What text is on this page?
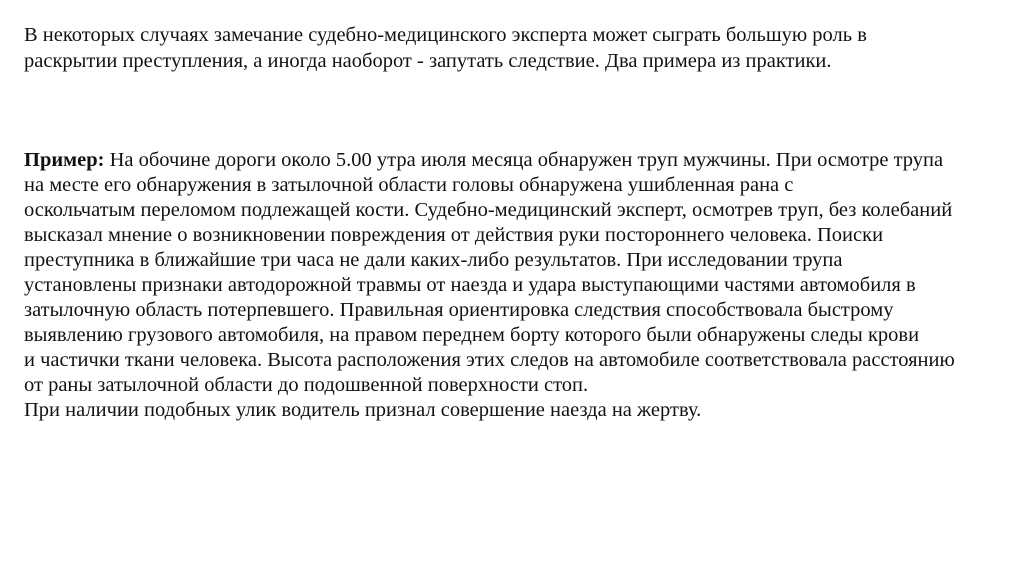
В некоторых случаях замечание судебно-медицинского эксперта может сыграть большую роль в
раскрытии преступления, а иногда наоборот - запутать следствие. Два примера из практики.

Пример: На обочине дороги около 5.00 утра июля месяца обнаружен труп мужчины. При осмотре трупа
на месте его обнаружения в затылочной области головы обнаружена ушибленная рана с
оскольчатым переломом подлежащей кости. Судебно-медицинский эксперт, осмотрев труп, без колебаний
высказал мнение о возникновении повреждения от действия руки постороннего человека. Поиски
преступника в ближайшие три часа не дали каких-либо результатов. При исследовании трупа
установлены признаки автодорожной травмы от наезда и удара выступающими частями автомобиля в
затылочную область потерпевшего. Правильная ориентировка следствия способствовала быстрому
выявлению грузового автомобиля, на правом переднем борту которого были обнаружены следы крови
и частички ткани человека. Высота расположения этих следов на автомобиле соответствовала расстоянию
от раны затылочной области до подошвенной поверхности стоп.
При наличии подобных улик водитель признал совершение наезда на жертву.
